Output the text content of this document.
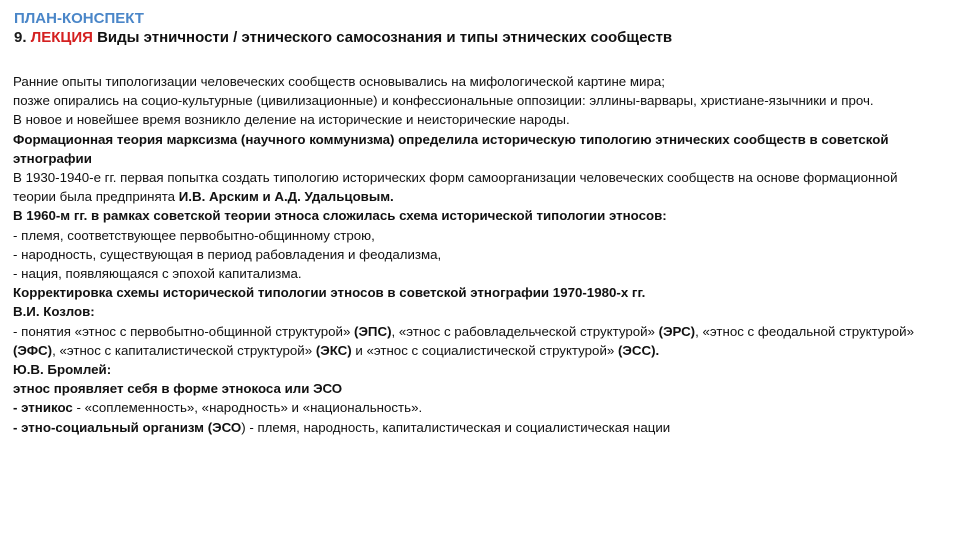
ПЛАН-КОНСПЕКТ
9. ЛЕКЦИЯ Виды этничности / этнического самосознания и типы этнических сообществ

Ранние опыты типологизации человеческих сообществ основывались на мифологической картине мира;

позже опирались на социо-культурные (цивилизационные) и конфессиональные оппозиции: эллины-варвары, христиане-язычники и проч.

В новое и новейшее время возникло деление на исторические и неисторические народы.

Формационная теория марксизма (научного коммунизма) определила историческую типологию этнических сообществ в советской этнографии

В 1930-1940-е гг. первая попытка создать типологию исторических форм самоорганизации человеческих сообществ на основе формационной теории была предпринята И.В. Арским и А.Д. Удальцовым.

В 1960-м гг. в рамках советской теории этноса сложилась схема исторической типологии этносов:

- племя, соответствующее первобытно-общинному строю,

- народность, существующая в период рабовладения и феодализма,

- нация, появляющаяся с эпохой капитализма.

Корректировка схемы исторической типологии этносов в советской этнографии 1970-1980-х гг.

В.И. Козлов:

- понятия «этнос с первобытно-общинной структурой» (ЭПС), «этнос с рабовладельческой структурой» (ЭРС), «этнос с феодальной структурой» (ЭФС), «этнос с капиталистической структурой» (ЭКС) и «этнос с социалистической структурой» (ЭСС).

Ю.В. Бромлей:

этнос проявляет себя в форме этнокоса или ЭСО

- этникос - «соплеменность», «народность» и «национальность».

- этно-социальный организм (ЭСО) - племя, народность, капиталистическая и социалистическая нации
